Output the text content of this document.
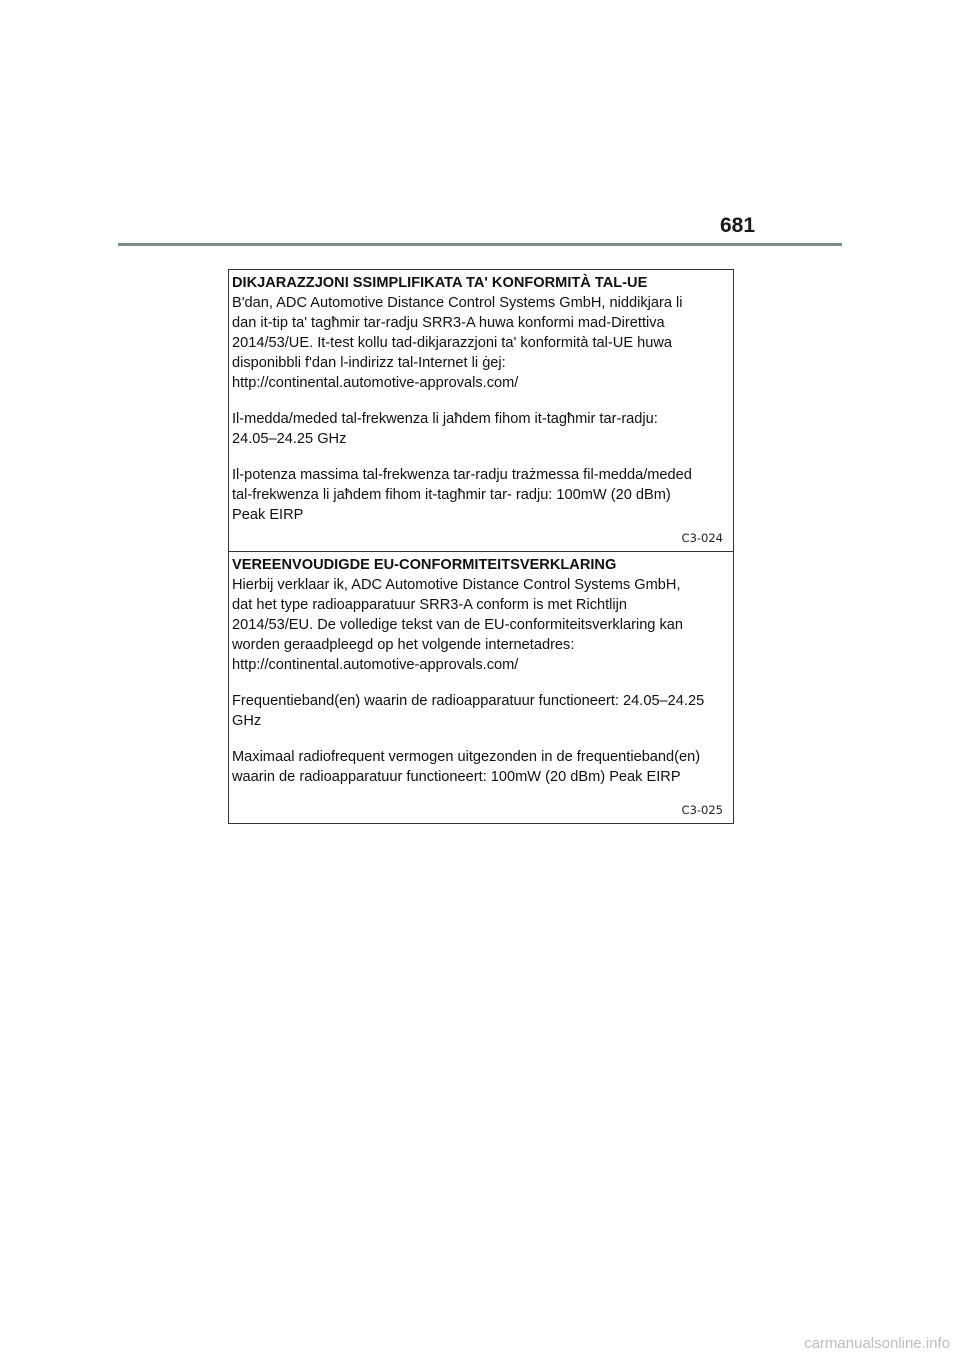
681

DIKJARAZZJONI SSIMPLIFIKATA TA' KONFORMITÀ TAL-UE

B'dan, ADC Automotive Distance Control Systems GmbH, niddikjara li
dan it-tip ta' tagħmir tar-radju SRR3-A huwa konformi mad-Direttiva
2014/53/UE. It-test kollu tad-dikjarazzjoni ta' konformità tal-UE huwa
disponibbli f'dan l-indirizz tal-Internet li ġej:
http://continental.automotive-approvals.com/

Il-medda/meded tal-frekwenza li jaħdem fihom it-tagħmir tar-radju:
24.05–24.25 GHz

Il-potenza massima tal-frekwenza tar-radju trażmessa fil-medda/meded
tal-frekwenza li jaħdem fihom it-tagħmir tar- radju: 100mW (20 dBm)
Peak EIRP

C3-024

VEREENVOUDIGDE EU-CONFORMITEITSVERKLARING

Hierbij verklaar ik, ADC Automotive Distance Control Systems GmbH,
dat het type radioapparatuur SRR3-A conform is met Richtlijn
2014/53/EU. De volledige tekst van de EU-conformiteitsverklaring kan
worden geraadpleegd op het volgende internetadres:
http://continental.automotive-approvals.com/

Frequentieband(en) waarin de radioapparatuur functioneert: 24.05–24.25
GHz

Maximaal radiofrequent vermogen uitgezonden in de frequentieband(en)
waarin de radioapparatuur functioneert: 100mW (20 dBm) Peak EIRP

C3-025
carmanualsonline.info
